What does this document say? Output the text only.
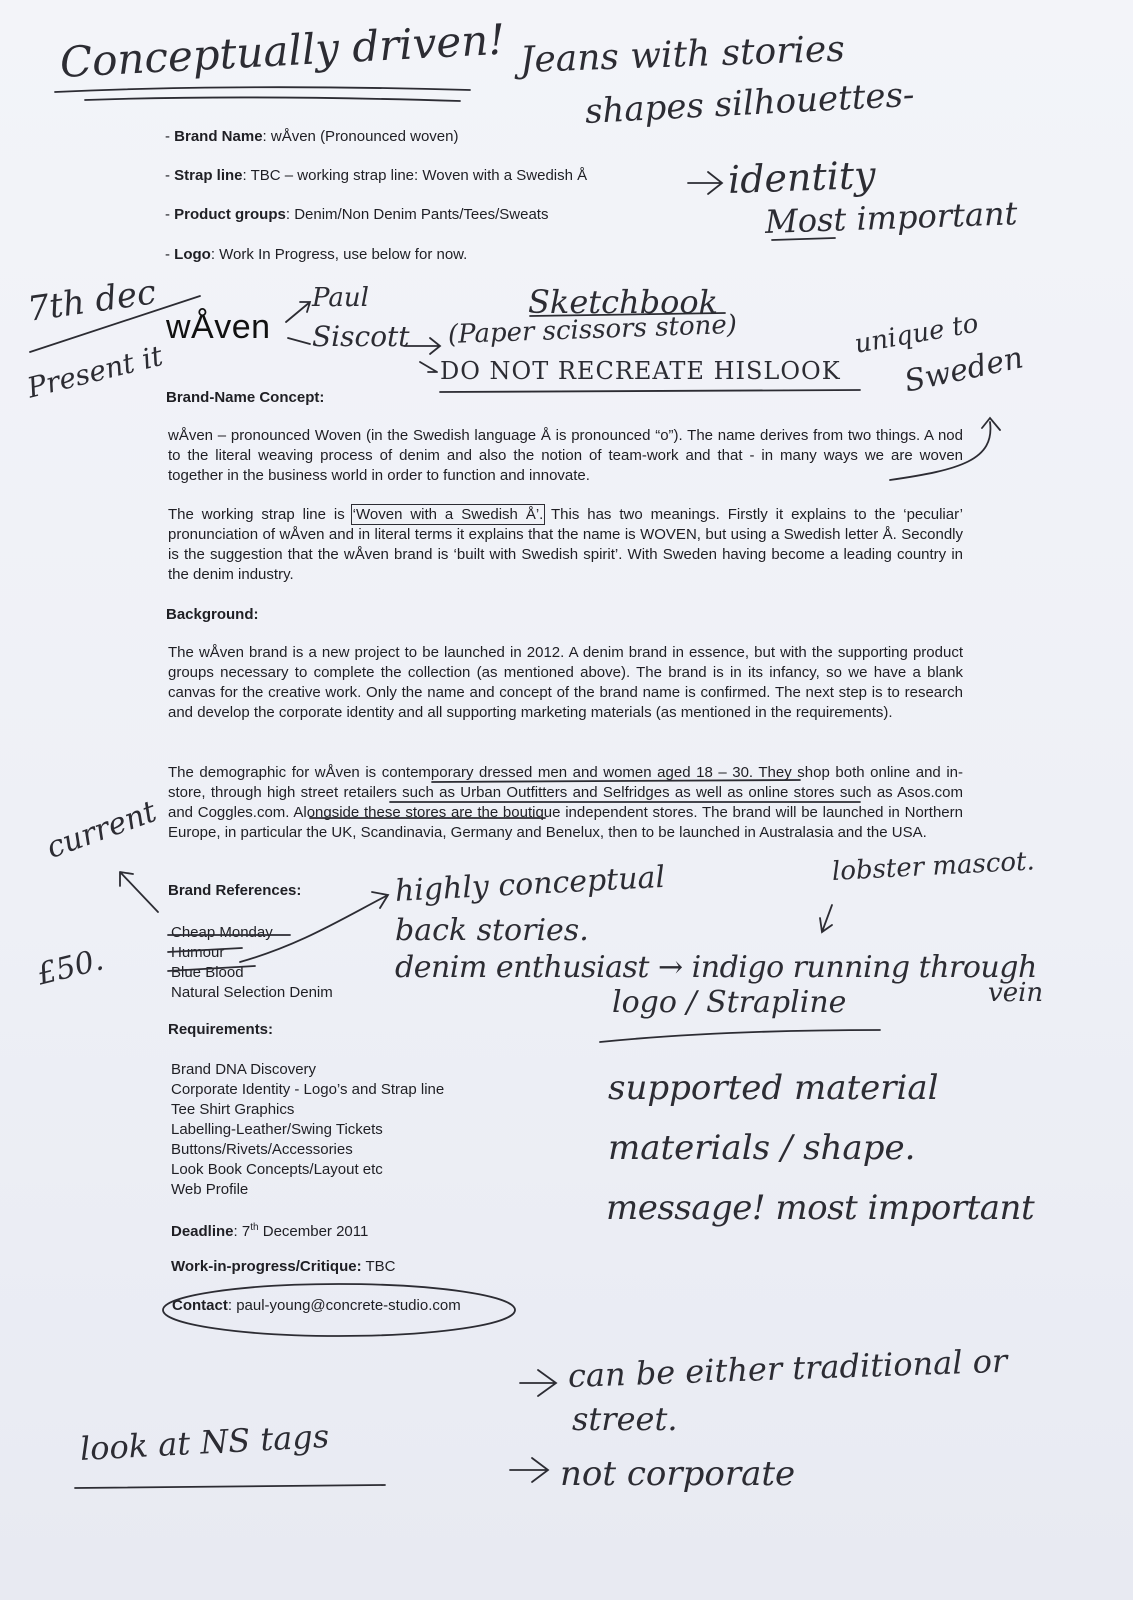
- Brand Name: wÅven (Pronounced woven)
- Strap line: TBC – working strap line: Woven with a Swedish Å
- Product groups: Denim/Non Denim Pants/Tees/Sweats
- Logo: Work In Progress, use below for now.
wÅven
Brand-Name Concept:
wÅven – pronounced Woven (in the Swedish language Å is pronounced “o”). The name derives from two things. A nod to the literal weaving process of denim and also the notion of team-work and that - in many ways we are woven together in the business world in order to function and innovate.
The working strap line is ‘Woven with a Swedish Å’. This has two meanings. Firstly it explains to the ‘peculiar’ pronunciation of wÅven and in literal terms it explains that the name is WOVEN, but using a Swedish letter Å. Secondly is the suggestion that the wÅven brand is ‘built with Swedish spirit’. With Sweden having become a leading country in the denim industry.
Background:
The wÅven brand is a new project to be launched in 2012. A denim brand in essence, but with the supporting product groups necessary to complete the collection (as mentioned above). The brand is in its infancy, so we have a blank canvas for the creative work. Only the name and concept of the brand name is confirmed. The next step is to research and develop the corporate identity and all supporting marketing materials (as mentioned in the requirements).
The demographic for wÅven is contemporary dressed men and women aged 18 – 30. They shop both online and in-store, through high street retailers such as Urban Outfitters and Selfridges as well as online stores such as Asos.com and Coggles.com. Alongside these stores are the boutique independent stores. The brand will be launched in Northern Europe, in particular the UK, Scandinavia, Germany and Benelux, then to be launched in Australasia and the USA.
Brand References:
Cheap Monday
Humour
Blue Blood
Natural Selection Denim
Requirements:
Brand DNA Discovery
Corporate Identity - Logo’s and Strap line
Tee Shirt Graphics
Labelling-Leather/Swing Tickets
Buttons/Rivets/Accessories
Look Book Concepts/Layout etc
Web Profile
Deadline: 7th December 2011
Work-in-progress/Critique: TBC
Contact: paul-young@concrete-studio.com
Conceptually driven! Jeans with stories
shapes silhouettes-
identity
Most important
7th dec
Present it
Paul
Siscott
Sketchbook
(Paper scissors stone)
DO NOT RECREATE HISLOOK
unique to
Sweden
current
£50.
lobster mascot.
highly conceptual
back stories.
denim enthusiast → indigo running through
vein
logo / Strapline
supported material
materials / shape.
message! most important
can be either traditional or
street.
not corporate
look at NS tags
